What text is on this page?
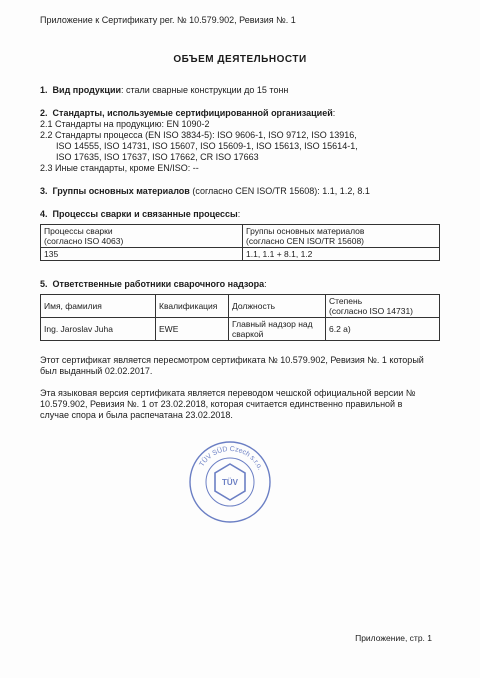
Приложение к Сертификату рег. № 10.579.902, Ревизия №. 1
ОБЪЕМ ДЕЯТЕЛЬНОСТИ
1. Вид продукции: стали сварные конструкции до 15 тонн
2. Стандарты, используемые сертифицированной организацией:
2.1 Стандарты на продукцию: EN 1090-2
2.2 Стандарты процесса (EN ISO 3834-5): ISO 9606-1, ISO 9712, ISO 13916,
ISO 14555, ISO 14731, ISO 15607, ISO 15609-1, ISO 15613, ISO 15614-1,
ISO 17635, ISO 17637, ISO 17662, CR ISO 17663
2.3 Иные стандарты, кроме EN/ISO: --
3. Группы основных материалов (согласно CEN ISO/TR 15608): 1.1, 1.2, 8.1
4. Процессы сварки и связанные процессы:
Процессы сварки
(согласно ISO 4063)	Группы основных материалов
(согласно CEN ISO/TR 15608)
135	1.1, 1.1 + 8.1, 1.2
5. Ответственные работники сварочного надзора:
Имя, фамилия	Квалификация	Должность	Степень
(согласно ISO 14731)
Ing. Jaroslav Juha	EWE	Главный надзор над
сваркой	6.2 a)
Этот сертификат является пересмотром сертификата № 10.579.902, Ревизия №. 1 который
был выданный 02.02.2017.
Эта языковая версия сертификата является переводом чешской официальной версии №
10.579.902, Ревизия №. 1 от 23.02.2018, которая считается единственно правильной в
случае спора и была распечатана 23.02.2018.
TÜV SÜD Czech s.r.o.
TÜV
Приложение, стр. 1
